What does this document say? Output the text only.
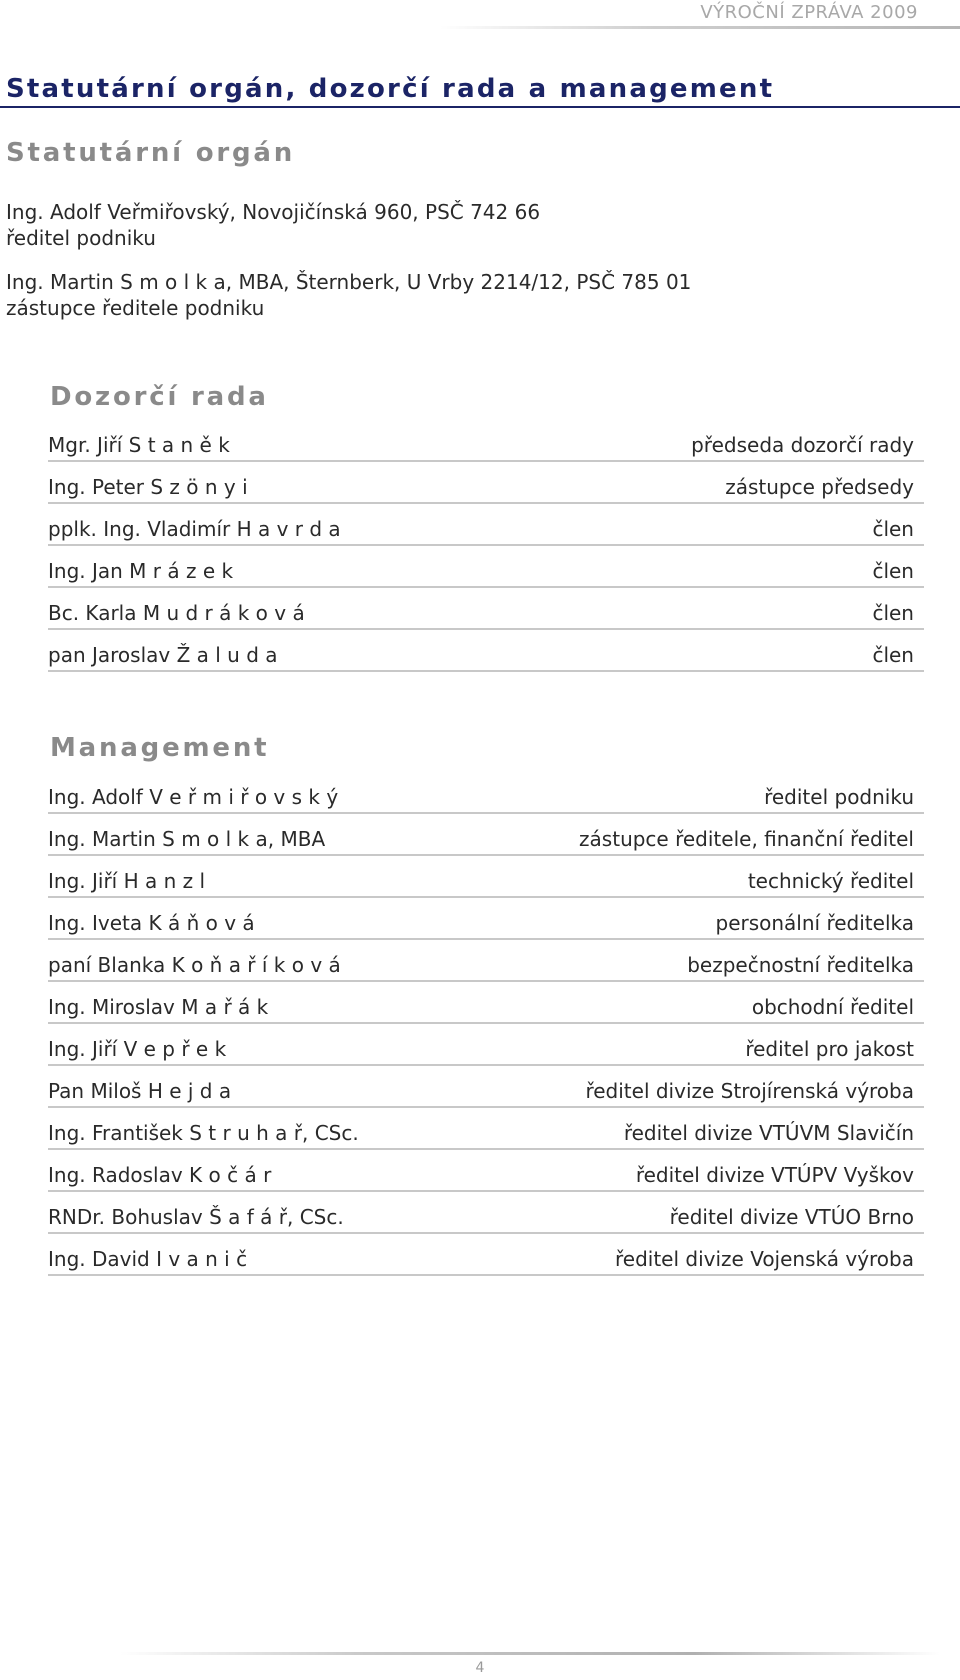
VÝROČNÍ ZPRÁVA 2009
Statutární orgán, dozorčí rada a management
Statutární orgán
Ing. Adolf Veřmiřovský, Novojičínská 960, PSČ 742 66
ředitel podniku
Ing. Martin S m o l k a, MBA, Šternberk, U Vrby 2214/12, PSČ 785 01
zástupce ředitele podniku
Dozorčí rada
Mgr. Jiří S t a n ě k	předseda dozorčí rady
Ing. Peter S z ö n y i	zástupce předsedy
pplk. Ing. Vladimír H a v r d a	člen
Ing. Jan M r á z e k	člen
Bc. Karla M u d r á k o v á	člen
pan Jaroslav Ž a l u d a	člen
Management
Ing. Adolf V e ř m i ř o v s k ý	ředitel podniku
Ing. Martin S m o l k a, MBA	zástupce ředitele, finanční ředitel
Ing. Jiří H a n z l	technický ředitel
Ing. Iveta K á ň o v á	personální ředitelka
paní Blanka K o ň a ř í k o v á	bezpečnostní ředitelka
Ing. Miroslav M a ř á k	obchodní ředitel
Ing. Jiří V e p ř e k	ředitel pro jakost
Pan Miloš H e j d a	ředitel divize Strojírenská výroba
Ing. František S t r u h a ř, CSc.	ředitel divize VTÚVM Slavičín
Ing. Radoslav K o č á r	ředitel divize VTÚPV Vyškov
RNDr. Bohuslav Š a f á ř, CSc.	ředitel divize VTÚO Brno
Ing. David I v a n i č	ředitel divize Vojenská výroba
4
